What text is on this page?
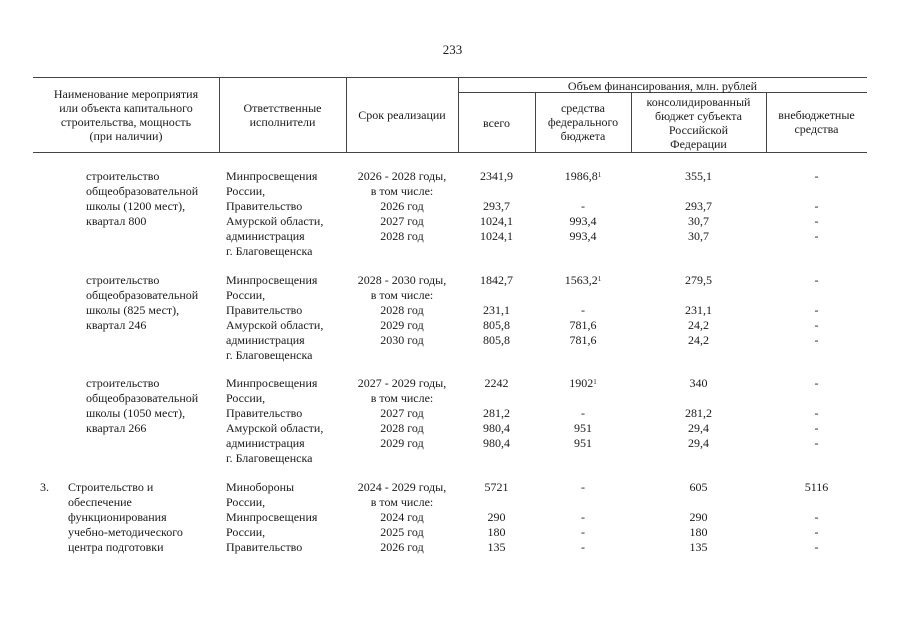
233
Наименование мероприятия
или объекта капитального
строительства, мощность
(при наличии)
Ответственные
исполнители	Срок реализации
Объем финансирования, млн. рублей
всего
средства
федерального
бюджета
консолидированный
бюджет субъекта
Российской
Федерации
внебюджетные
средства
строительство
общеобразовательной
школы (1200 мест),
квартал 800
Минпросвещения
России,
Правительство
Амурской области,
администрация
г. Благовещенска
2026 - 2028 годы,
в том числе:
2026 год
2027 год
2028 год
2341,9

293,7
1024,1
1024,1
1986,8$^1$

-
993,4
993,4
355,1

293,7
30,7
30,7
-

-
-
-
строительство
общеобразовательной
школы (825 мест),
квартал 246
Минпросвещения
России,
Правительство
Амурской области,
администрация
г. Благовещенска
2028 - 2030 годы,
в том числе:
2028 год
2029 год
2030 год
1842,7

231,1
805,8
805,8
1563,2$^1$

-
781,6
781,6
279,5

231,1
24,2
24,2
-

-
-
-
строительство
общеобразовательной
школы (1050 мест),
квартал 266
Минпросвещения
России,
Правительство
Амурской области,
администрация
г. Благовещенска
2027 - 2029 годы,
в том числе:
2027 год
2028 год
2029 год
2242

281,2
980,4
980,4
1902$^1$

-
951
951
340

281,2
29,4
29,4
-

-
-
-
3. Строительство и
обеспечение
функционирования
учебно-методического
центра подготовки
Минобороны
России,
Минпросвещения
России,
Правительство
2024 - 2029 годы,
в том числе:
2024 год
2025 год
2026 год
5721

290
180
135
-

-
-
-
605

290
180
135
5116

-
-
-
